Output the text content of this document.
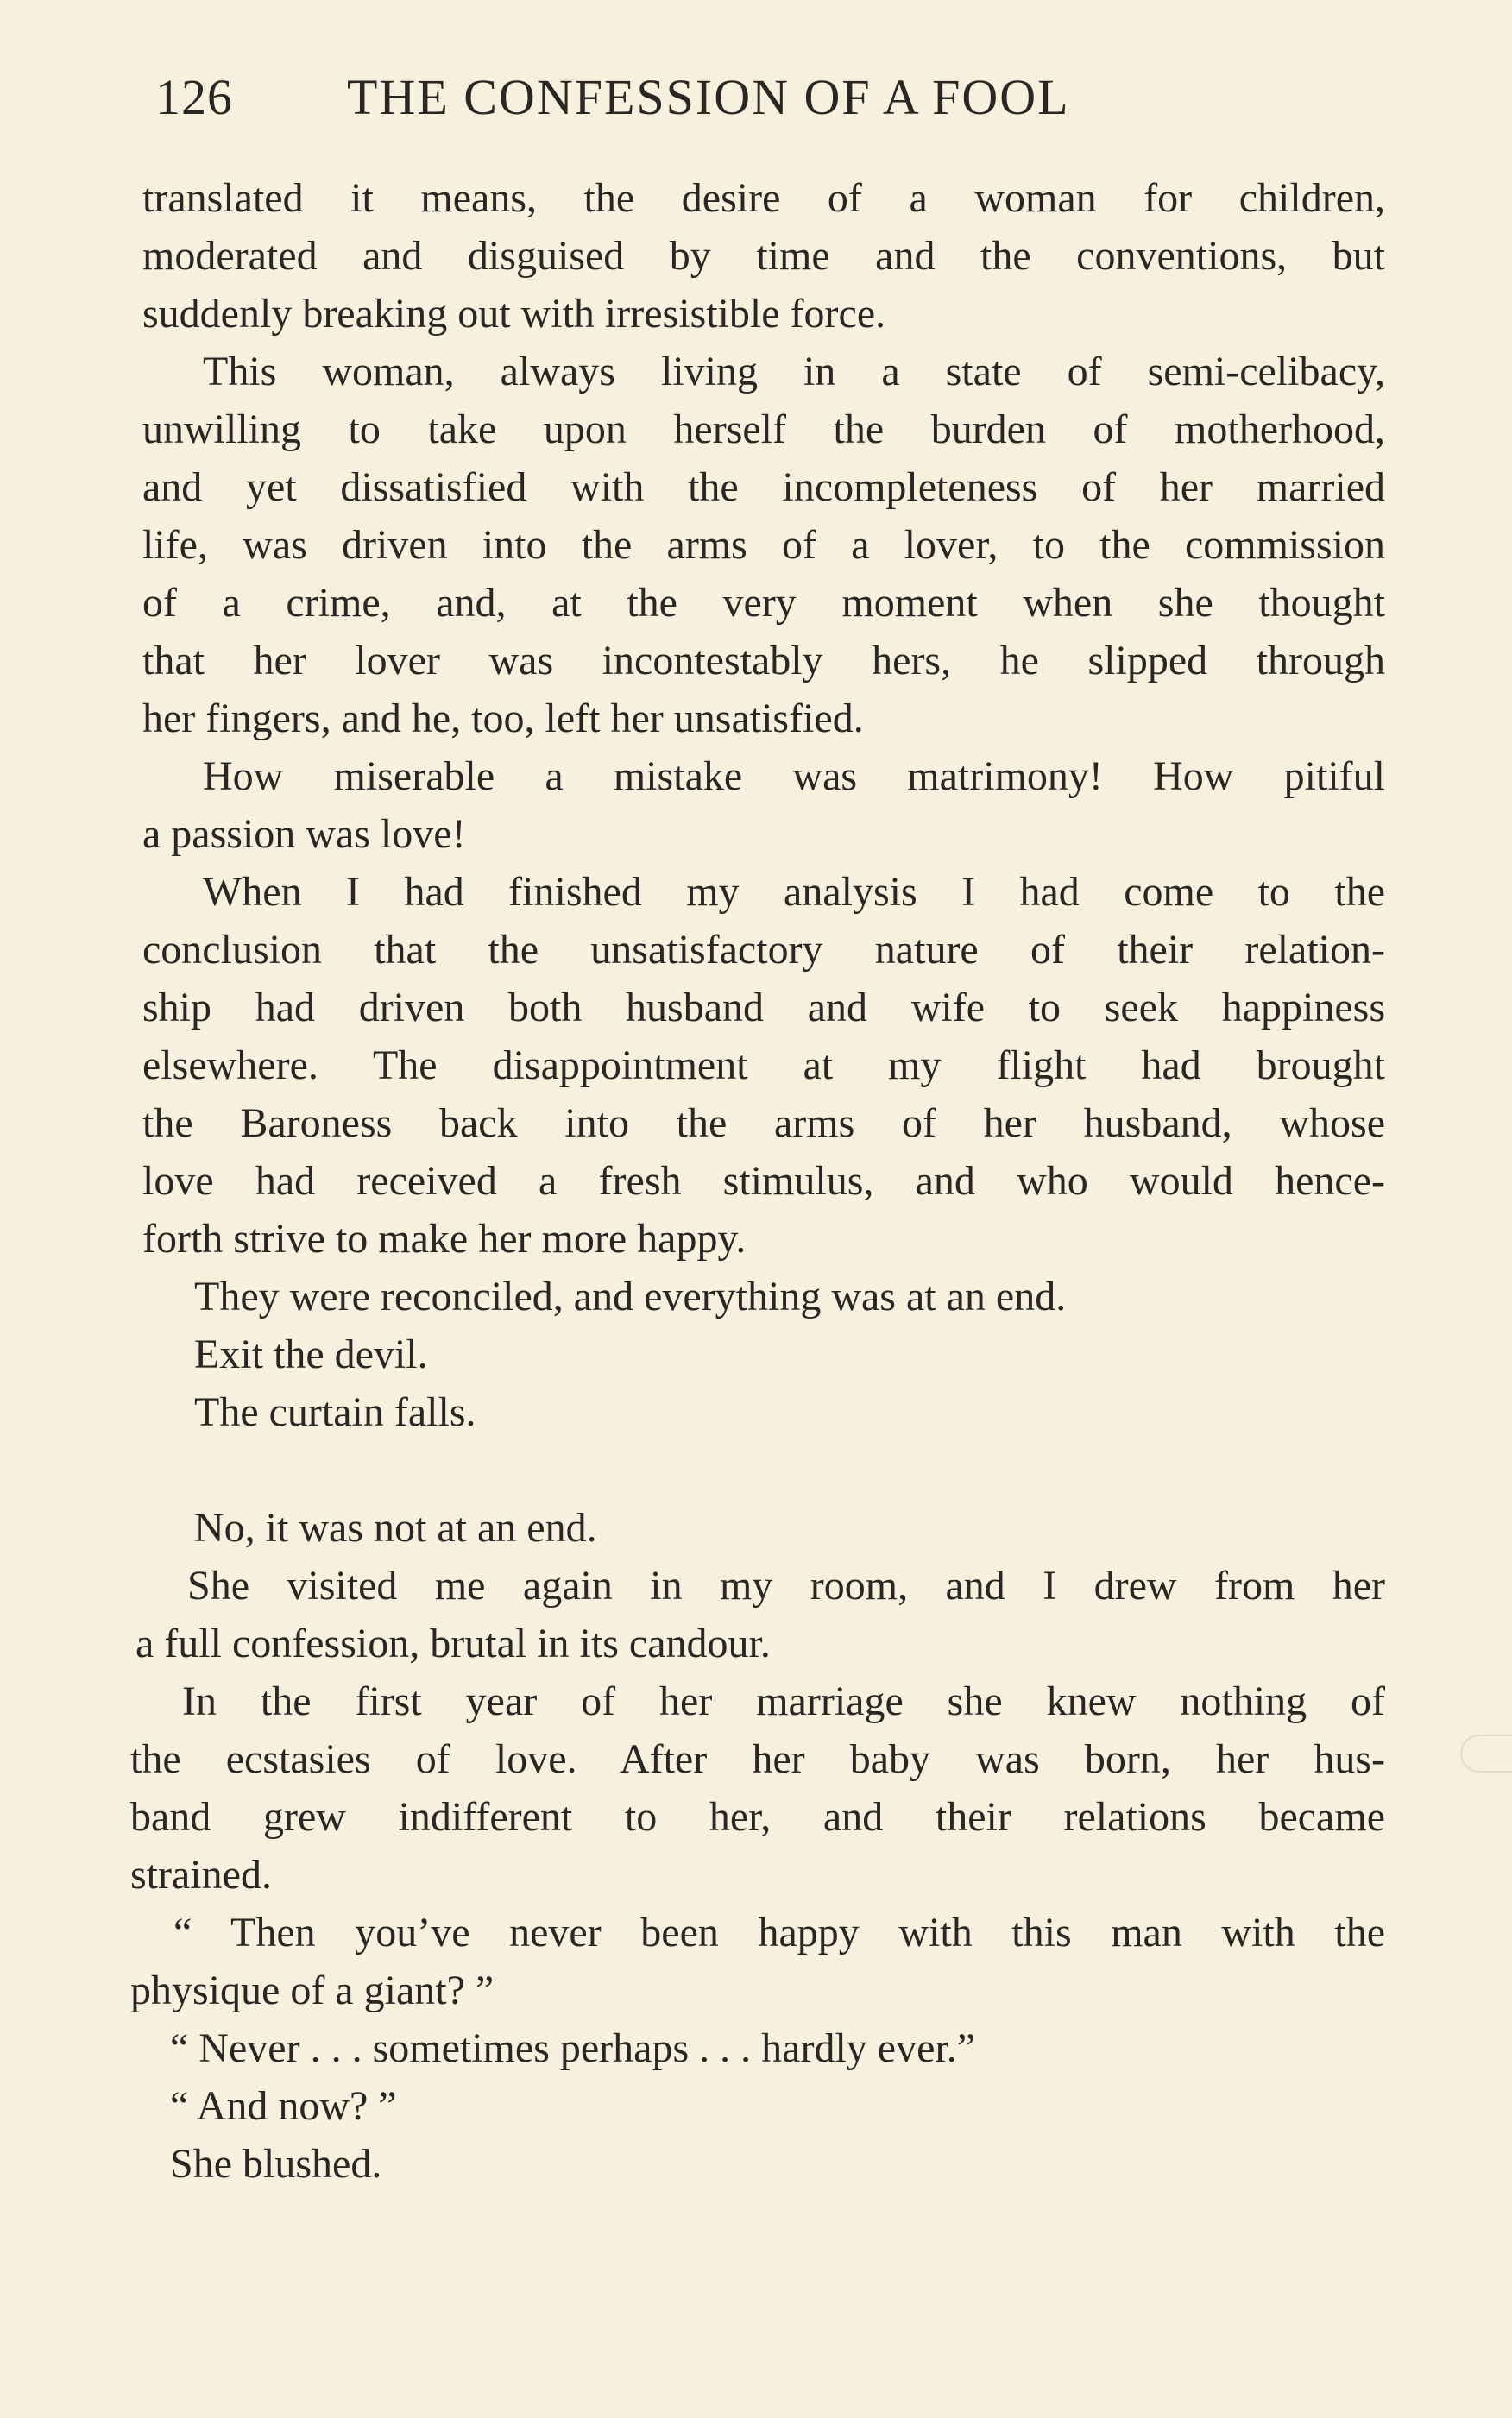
126 THE CONFESSION OF A FOOL
translated it means, the desire of a woman for children,
moderated and disguised by time and the conventions, but
suddenly breaking out with irresistible force.
This woman, always living in a state of semi-celibacy,
unwilling to take upon herself the burden of motherhood,
and yet dissatisfied with the incompleteness of her married
life, was driven into the arms of a lover, to the commission
of a crime, and, at the very moment when she thought
that her lover was incontestably hers, he slipped through
her fingers, and he, too, left her unsatisfied.
How miserable a mistake was matrimony! How pitiful
a passion was love!
When I had finished my analysis I had come to the
conclusion that the unsatisfactory nature of their relation-
ship had driven both husband and wife to seek happiness
elsewhere. The disappointment at my flight had brought
the Baroness back into the arms of her husband, whose
love had received a fresh stimulus, and who would hence-
forth strive to make her more happy.
They were reconciled, and everything was at an end.
Exit the devil.
The curtain falls.
No, it was not at an end.
She visited me again in my room, and I drew from her
a full confession, brutal in its candour.
In the first year of her marriage she knew nothing of
the ecstasies of love. After her baby was born, her hus-
band grew indifferent to her, and their relations became
strained.
“ Then you’ve never been happy with this man with the
physique of a giant? ”
“ Never . . . sometimes perhaps . . . hardly ever.”
“ And now? ”
She blushed.
